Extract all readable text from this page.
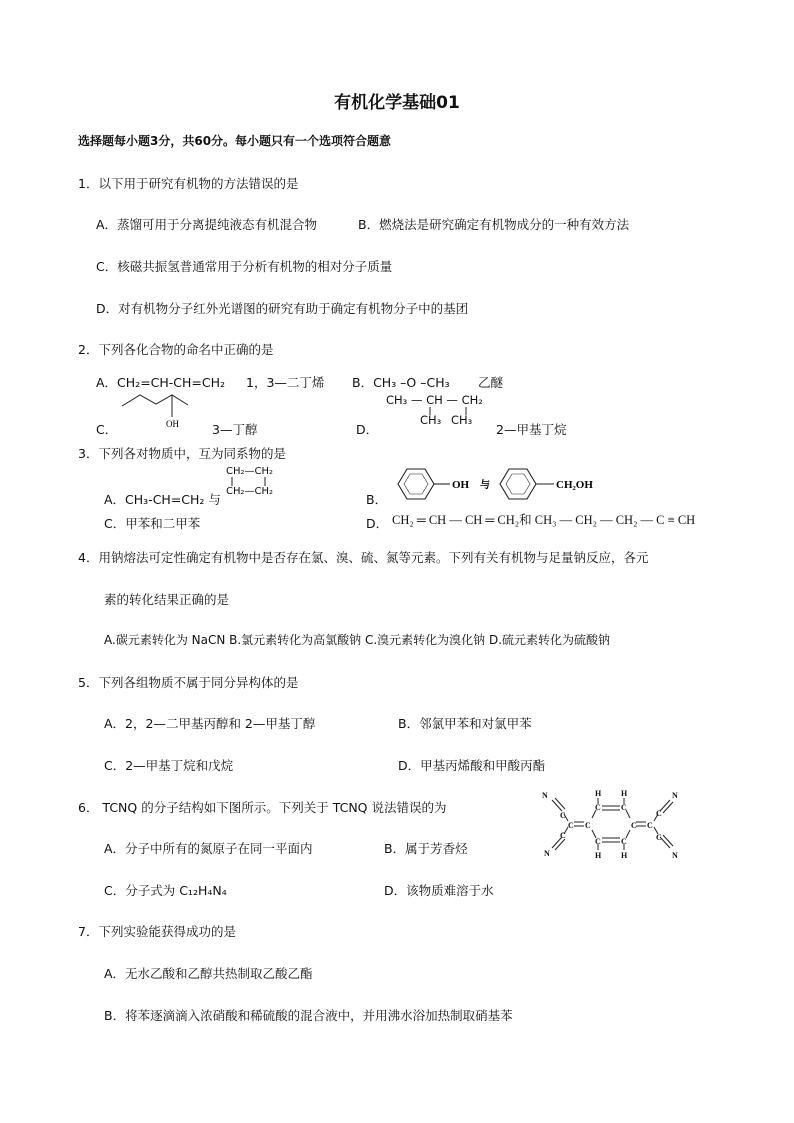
有机化学基础01
选择题每小题3分，共60分。每小题只有一个选项符合题意
1．以下用于研究有机物的方法错误的是
A．蒸馏可用于分离提纯液态有机混合物	B．燃烧法是研究确定有机物成分的一种有效方法
C．核磁共振氢普通常用于分析有机物的相对分子质量
D．对有机物分子红外光谱图的研究有助于确定有机物分子中的基团
2．下列各化合物的命名中正确的是
A．CH₂=CH-CH=CH₂ 1，3—二丁烯 B．CH₃ –O –CH₃ 乙醚
C．	OH	3—丁醇	D．
CH₃ — CH — CH₂
CH₃ CH₃
2—甲基丁烷
3．下列各对物质中，互为同系物的是
A．CH₃-CH=CH₂ 与
CH₂—CH₂
CH₂—CH₂
B．
OH 与	CH₂OH
C．甲苯和二甲苯	D． CH₂ ═ CH — CH ═ CH₂和 CH₃ — CH₂ — CH₂ — C ≡ CH
4．用钠熔法可定性确定有机物中是否存在氯、溴、硫、氮等元素。下列有关有机物与足量钠反应，各元
素的转化结果正确的是
A.碳元素转化为 NaCN B.氯元素转化为高氯酸钠 C.溴元素转化为溴化钠 D.硫元素转化为硫酸钠
5．下列各组物质不属于同分异构体的是
A．2，2—二甲基丙醇和 2—甲基丁醇	B．邻氯甲苯和对氯甲苯
C．2—甲基丁烷和戊烷	D．甲基丙烯酸和甲酸丙酯
6． TCNQ 的分子结构如下图所示。下列关于 TCNQ 说法错误的为
N
C
C
C
N
C
C
C
C
C
C C
C
C
N
N
H H
H H
A．分子中所有的氮原子在同一平面内	B．属于芳香烃
C．分子式为 C₁₂H₄N₄	D．该物质难溶于水
7．下列实验能获得成功的是
A．无水乙酸和乙醇共热制取乙酸乙酯
B．将苯逐滴滴入浓硝酸和稀硫酸的混合液中，并用沸水浴加热制取硝基苯
